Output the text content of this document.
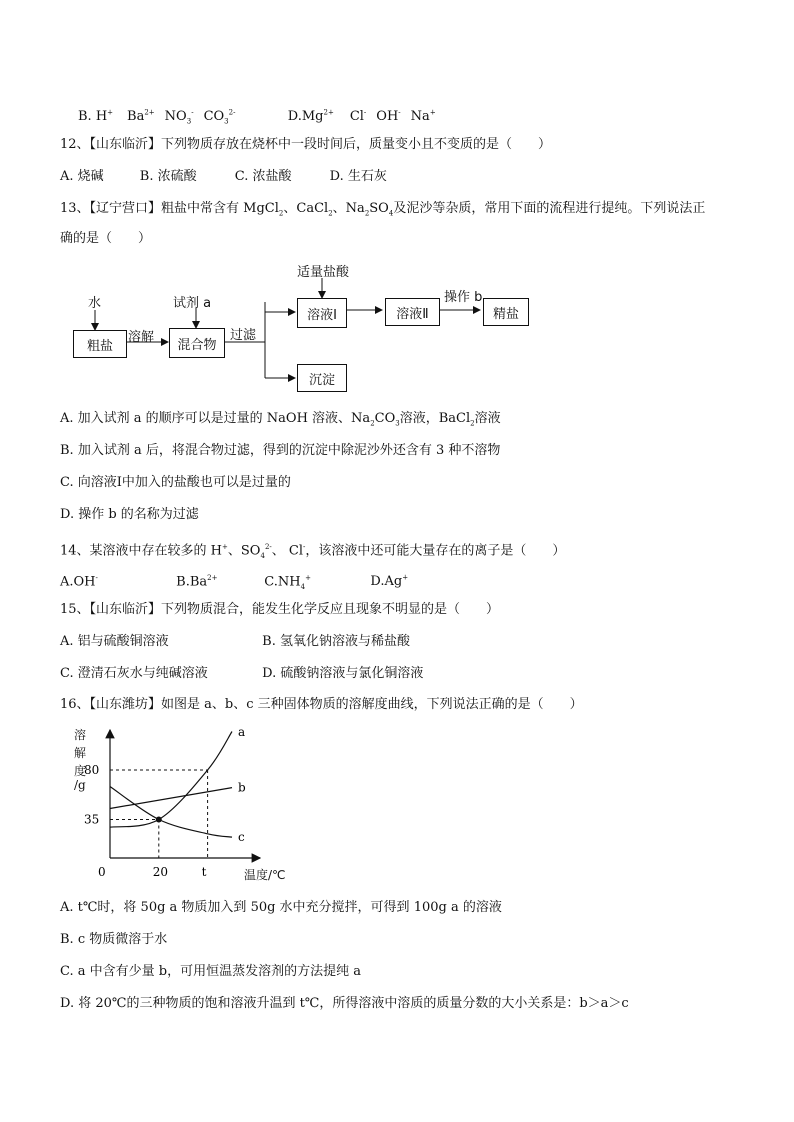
B. H+ $Ba^{2+}$ $NO_3^-$ $CO_3^{2-}$	$D.Mg^{2+}$ Cl- OH- Na+
12、【山东临沂】下列物质存放在烧杯中一段时间后，质量变小且不变质的是（　　）
A. 烧碱	B. 浓硫酸	C. 浓盐酸	D. 生石灰
13、【辽宁营口】粗盐中常含有 MgCl$_2$、CaCl$_2$、$Na_2SO_4$及泥沙等杂质，常用下面的流程进行提纯。下列说法正
确的是（　　）
水	试剂 a
适量盐酸
操作 b
溶解	过滤
粗盐	混合物
溶液Ⅰ	溶液Ⅱ	精盐
沉淀
A. 加入试剂 a 的顺序可以是过量的 NaOH 溶液、$Na_2CO_3$溶液，BaCl$_2$溶液
B. 加入试剂 a 后，将混合物过滤，得到的沉淀中除泥沙外还含有 3 种不溶物
C. 向溶液Ⅰ中加入的盐酸也可以是过量的
D. 操作 b 的名称为过滤
14、某溶液中存在较多的 H+、$SO_4^{2-}$、 Cl-，该溶液中还可能大量存在的离子是（　　）
A.OH-	$B.Ba^{2+}$	$C.NH_4^+$	D.Ag+
15、【山东临沂】下列物质混合，能发生化学反应且现象不明显的是（　　）
A. 铝与硫酸铜溶液	B. 氢氧化钠溶液与稀盐酸
C. 澄清石灰水与纯碱溶液	D. 硫酸钠溶液与氯化铜溶液
16、【山东潍坊】如图是 a、b、c 三种固体物质的溶解度曲线，下列说法正确的是（　　）
a
b
c
80
35
0	20	t
溶
解
度
/g
温度/℃
A. t℃时，将 50g a 物质加入到 50g 水中充分搅拌，可得到 100g a 的溶液
B. c 物质微溶于水
C. a 中含有少量 b，可用恒温蒸发溶剂的方法提纯 a
D. 将 20℃的三种物质的饱和溶液升温到 t℃，所得溶液中溶质的质量分数的大小关系是：b＞a＞c
